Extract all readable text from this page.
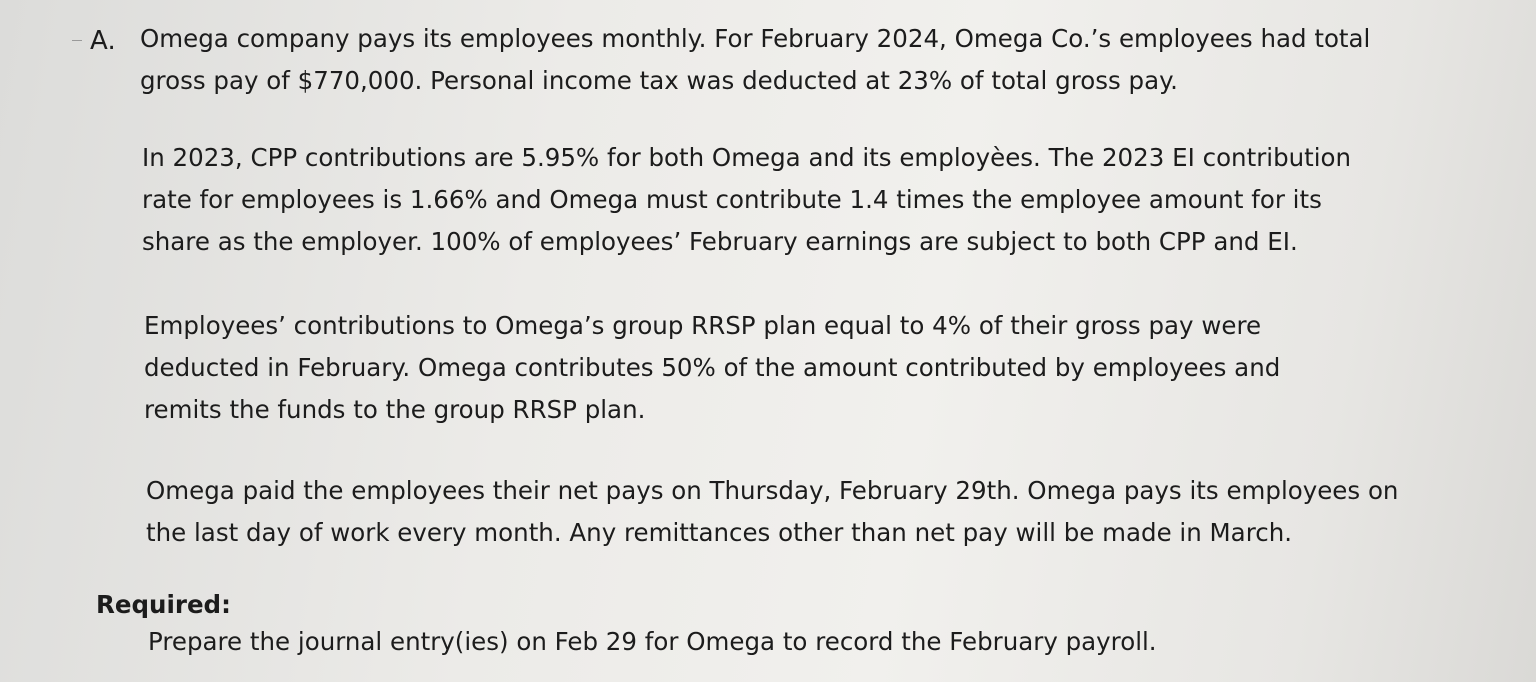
A. Omega company pays its employees monthly. For February 2024, Omega Co.’s employees had total
gross pay of $770,000. Personal income tax was deducted at 23% of total gross pay.

In 2023, CPP contributions are 5.95% for both Omega and its employèes. The 2023 EI contribution
rate for employees is 1.66% and Omega must contribute 1.4 times the employee amount for its
share as the employer. 100% of employees’ February earnings are subject to both CPP and EI.

Employees’ contributions to Omega’s group RRSP plan equal to 4% of their gross pay were
deducted in February. Omega contributes 50% of the amount contributed by employees and
remits the funds to the group RRSP plan.

Omega paid the employees their net pays on Thursday, February 29th. Omega pays its employees on
the last day of work every month. Any remittances other than net pay will be made in March.

Required:
Prepare the journal entry(ies) on Feb 29 for Omega to record the February payroll.
